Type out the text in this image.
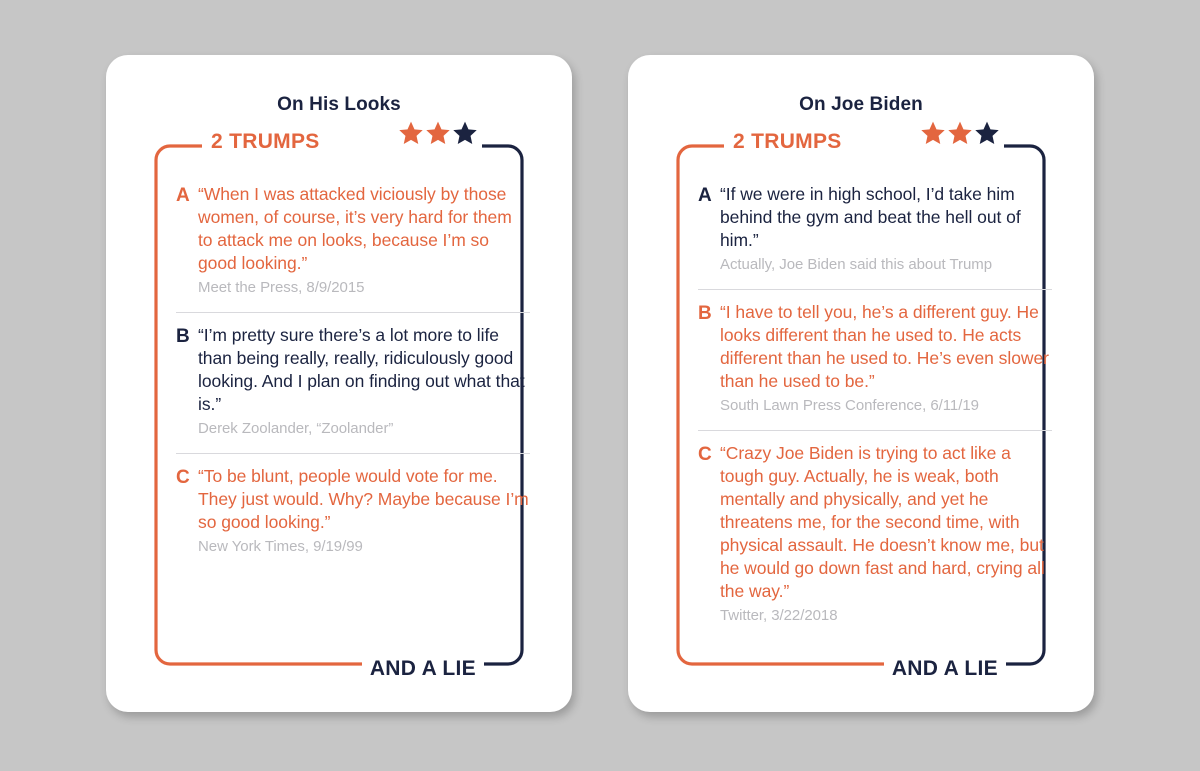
On His Looks
2 TRUMPS
AND A LIE
A “When I was attacked viciously by those women, of course, it’s very hard for them to attack me on looks, because I’m so good looking.”
Meet the Press, 8/9/2015
B “I’m pretty sure there’s a lot more to life than being really, really, ridiculously good looking. And I plan on finding out what that is.”
Derek Zoolander, “Zoolander”
C “To be blunt, people would vote for me. They just would. Why? Maybe because I’m so good looking.”
New York Times, 9/19/99
On Joe Biden
2 TRUMPS
AND A LIE
A “If we were in high school, I’d take him behind the gym and beat the hell out of him.”
Actually, Joe Biden said this about Trump
B “I have to tell you, he’s a different guy. He looks different than he used to. He acts different than he used to. He’s even slower than he used to be.”
South Lawn Press Conference, 6/11/19
C “Crazy Joe Biden is trying to act like a tough guy. Actually, he is weak, both mentally and physically, and yet he threatens me, for the second time, with physical assault. He doesn’t know me, but he would go down fast and hard, crying all the way.”
Twitter, 3/22/2018
